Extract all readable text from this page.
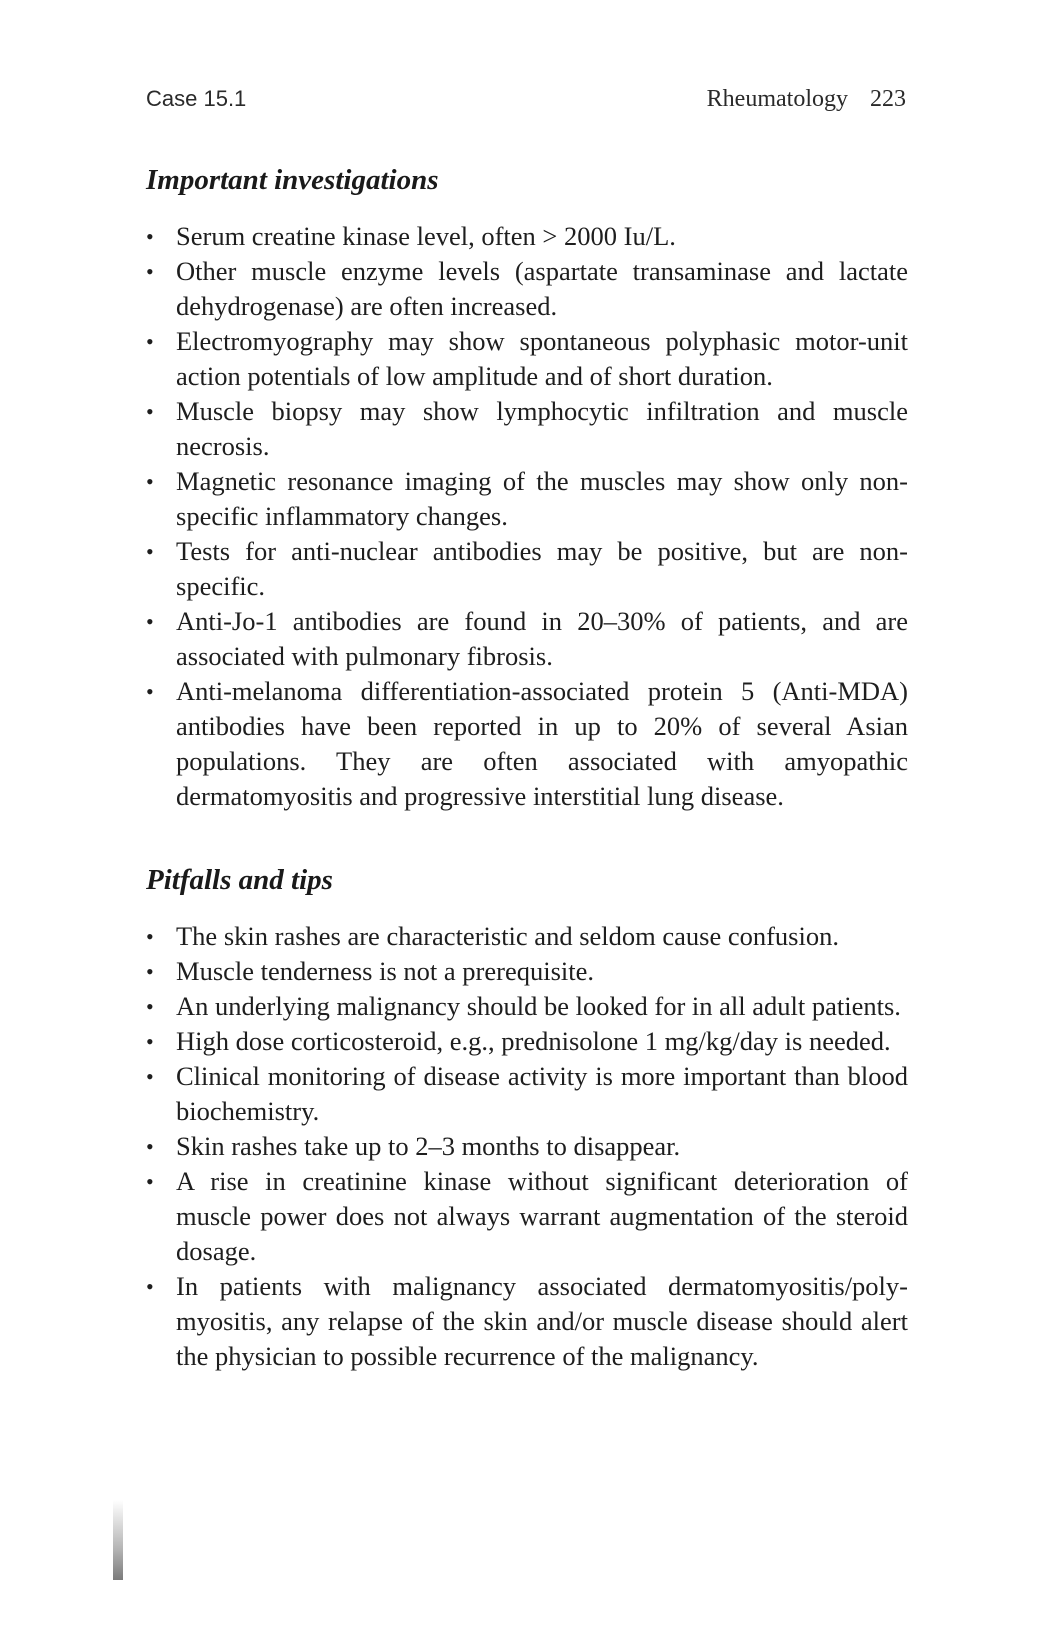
Case 15.1	Rheumatology 223
Important investigations
• Serum creatine kinase level, often > 2000 Iu/L.
• Other muscle enzyme levels (aspartate transaminase and lactate dehydrogenase) are often increased.
• Electromyography may show spontaneous polyphasic motor-unit action potentials of low amplitude and of short duration.
• Muscle biopsy may show lymphocytic infiltration and muscle necrosis.
• Magnetic resonance imaging of the muscles may show only non-specific inflammatory changes.
• Tests for anti-nuclear antibodies may be positive, but are non-specific.
• Anti-Jo-1 antibodies are found in 20–30% of patients, and are associated with pulmonary fibrosis.
• Anti-melanoma differentiation-associated protein 5 (Anti-MDA) antibodies have been reported in up to 20% of several Asian populations. They are often associated with amyopathic dermatomyositis and progressive interstitial lung disease.
Pitfalls and tips
• The skin rashes are characteristic and seldom cause confusion.
• Muscle tenderness is not a prerequisite.
• An underlying malignancy should be looked for in all adult patients.
• High dose corticosteroid, e.g., prednisolone 1 mg/kg/day is needed.
• Clinical monitoring of disease activity is more important than blood biochemistry.
• Skin rashes take up to 2–3 months to disappear.
• A rise in creatinine kinase without significant deterioration of muscle power does not always warrant augmentation of the steroid dosage.
• In patients with malignancy associated dermatomyositis/poly-myositis, any relapse of the skin and/or muscle disease should alert the physician to possible recurrence of the malignancy.
